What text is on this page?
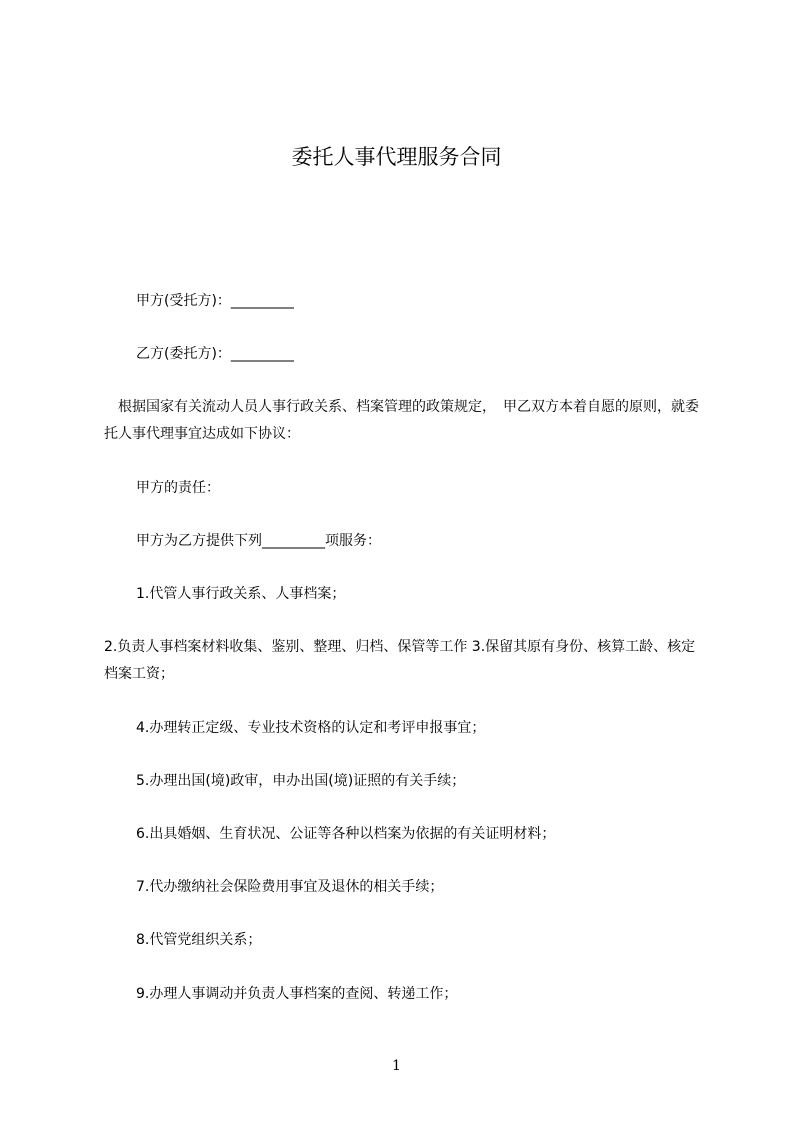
委托人事代理服务合同
甲方(受托方)：_________
乙方(委托方)：_________
　根据国家有关流动人员人事行政关系、档案管理的政策规定，　甲乙双方本着自愿的原则，就委托人事代理事宜达成如下协议：
甲方的责任：
甲方为乙方提供下列_________项服务：
1.代管人事行政关系、人事档案；
2.负责人事档案材料收集、鉴别、整理、归档、保管等工作 3.保留其原有身份、核算工龄、核定档案工资；
4.办理转正定级、专业技术资格的认定和考评申报事宜；
5.办理出国(境)政审，申办出国(境)证照的有关手续；
6.出具婚姻、生育状况、公证等各种以档案为依据的有关证明材料；
7.代办缴纳社会保险费用事宜及退休的相关手续；
8.代管党组织关系；
9.办理人事调动并负责人事档案的查阅、转递工作；
1
